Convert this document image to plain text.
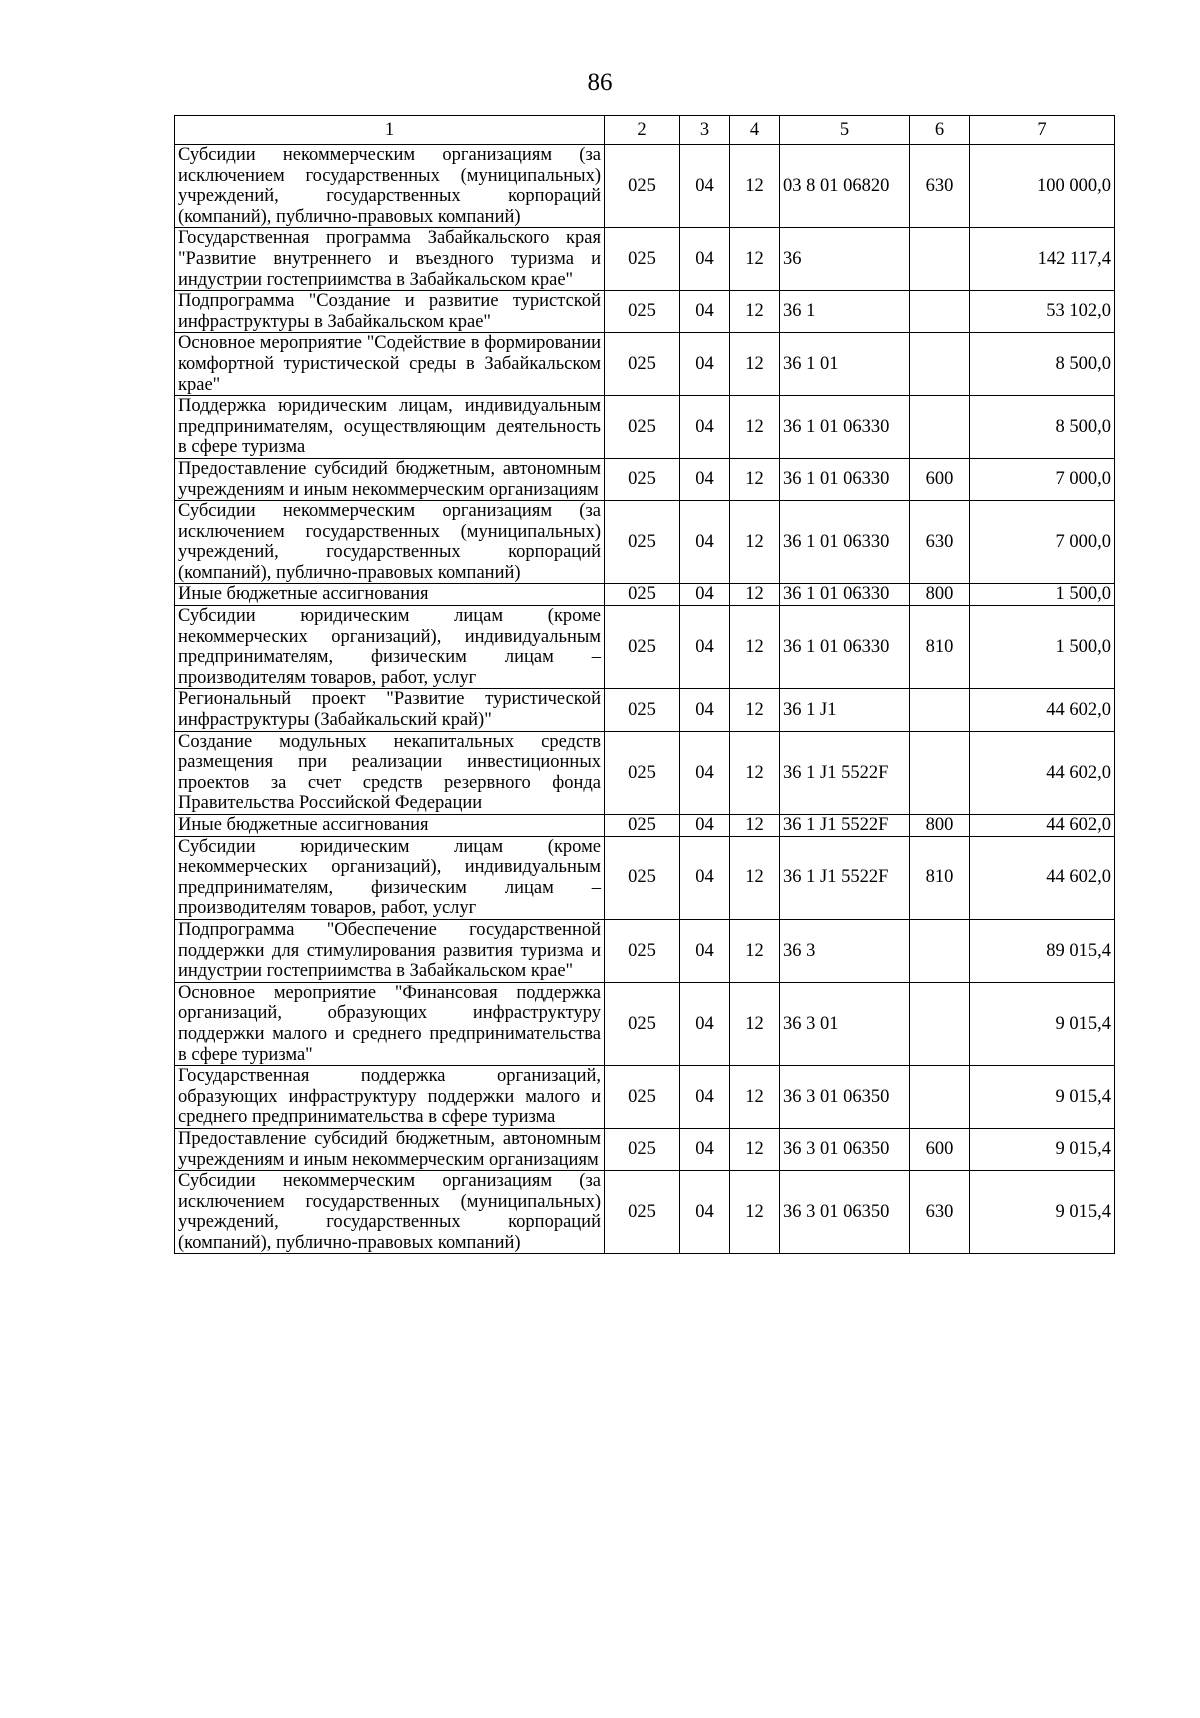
86
1	2	3	4	5	6	7
Субсидии некоммерческим организациям (за исключением государственных (муниципальных) учреждений, государственных корпораций (компаний), публично-правовых компаний)	025	04	12	03 8 01 06820	630	100 000,0
Государственная программа Забайкальского края "Развитие внутреннего и въездного туризма и индустрии гостеприимства в Забайкальском крае"	025	04	12	36		142 117,4
Подпрограмма "Создание и развитие туристской инфраструктуры в Забайкальском крае"	025	04	12	36 1		53 102,0
Основное мероприятие "Содействие в формировании комфортной туристической среды в Забайкальском крае"	025	04	12	36 1 01		8 500,0
Поддержка юридическим лицам, индивидуальным предпринимателям, осуществляющим деятельность в сфере туризма	025	04	12	36 1 01 06330		8 500,0
Предоставление субсидий бюджетным, автономным учреждениям и иным некоммерческим организациям	025	04	12	36 1 01 06330	600	7 000,0
Субсидии некоммерческим организациям (за исключением государственных (муниципальных) учреждений, государственных корпораций (компаний), публично-правовых компаний)	025	04	12	36 1 01 06330	630	7 000,0
Иные бюджетные ассигнования	025	04	12	36 1 01 06330	800	1 500,0
Субсидии юридическим лицам (кроме некоммерческих организаций), индивидуальным предпринимателям, физическим лицам – производителям товаров, работ, услуг	025	04	12	36 1 01 06330	810	1 500,0
Региональный проект "Развитие туристической инфраструктуры (Забайкальский край)"	025	04	12	36 1 J1		44 602,0
Создание модульных некапитальных средств размещения при реализации инвестиционных проектов за счет средств резервного фонда Правительства Российской Федерации	025	04	12	36 1 J1 5522F		44 602,0
Иные бюджетные ассигнования	025	04	12	36 1 J1 5522F	800	44 602,0
Субсидии юридическим лицам (кроме некоммерческих организаций), индивидуальным предпринимателям, физическим лицам – производителям товаров, работ, услуг	025	04	12	36 1 J1 5522F	810	44 602,0
Подпрограмма "Обеспечение государственной поддержки для стимулирования развития туризма и индустрии гостеприимства в Забайкальском крае"	025	04	12	36 3		89 015,4
Основное мероприятие "Финансовая поддержка организаций, образующих инфраструктуру поддержки малого и среднего предпринимательства в сфере туризма"	025	04	12	36 3 01		9 015,4
Государственная поддержка организаций, образующих инфраструктуру поддержки малого и среднего предпринимательства в сфере туризма	025	04	12	36 3 01 06350		9 015,4
Предоставление субсидий бюджетным, автономным учреждениям и иным некоммерческим организациям	025	04	12	36 3 01 06350	600	9 015,4
Субсидии некоммерческим организациям (за исключением государственных (муниципальных) учреждений, государственных корпораций (компаний), публично-правовых компаний)	025	04	12	36 3 01 06350	630	9 015,4
